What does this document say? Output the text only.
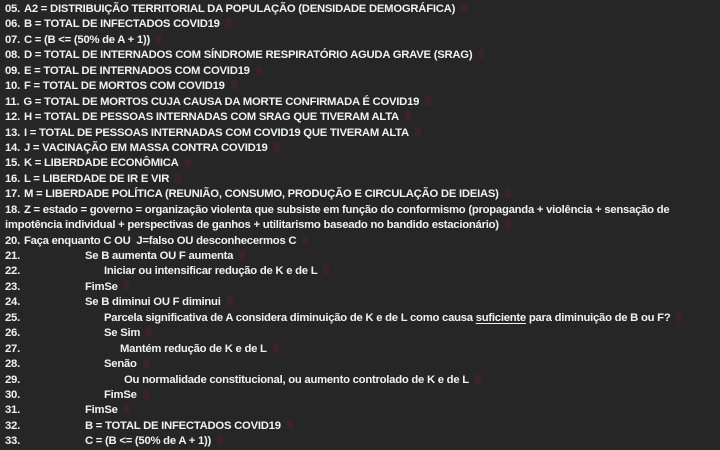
05. A2 = DISTRIBUIÇÃO TERRITORIAL DA POPULAÇÃO (DENSIDADE DEMOGRÁFICA)
06. B = TOTAL DE INFECTADOS COVID19
07. C = (B <= (50% de A + 1))
08. D = TOTAL DE INTERNADOS COM SÍNDROME RESPIRATÓRIO AGUDA GRAVE (SRAG)
09. E = TOTAL DE INTERNADOS COM COVID19
10. F = TOTAL DE MORTOS COM COVID19
11. G = TOTAL DE MORTOS CUJA CAUSA DA MORTE CONFIRMADA É COVID19
12. H = TOTAL DE PESSOAS INTERNADAS COM SRAG QUE TIVERAM ALTA
13. I = TOTAL DE PESSOAS INTERNADAS COM COVID19 QUE TIVERAM ALTA
14. J = VACINAÇÃO EM MASSA CONTRA COVID19
15. K = LIBERDADE ECONÔMICA
16. L = LIBERDADE DE IR E VIR
17. M = LIBERDADE POLÍTICA (REUNIÃO, CONSUMO, PRODUÇÃO E CIRCULAÇÃO DE IDEIAS)
18. Z = estado = governo = organização violenta que subsiste em função do conformismo (propaganda + violência + sensação de
impotência individual + perspectivas de ganhos + utilitarismo baseado no bandido estacionário)
20. Faça enquanto C OU  J=falso OU desconhecermos C
21.	Se B aumenta OU F aumenta
22.	Iniciar ou intensificar redução de K e de L
23.	FimSe
24.	Se B diminui OU F diminui
25.	Parcela significativa de A considera diminuição de K e de L como causa suficiente para diminuição de B ou F?
26.	Se Sim
27.	Mantém redução de K e de L
28.	Senão
29.	Ou normalidade constitucional, ou aumento controlado de K e de L
30.	FimSe
31.	FimSe
32.	B = TOTAL DE INFECTADOS COVID19
33.	C = (B <= (50% de A + 1))
